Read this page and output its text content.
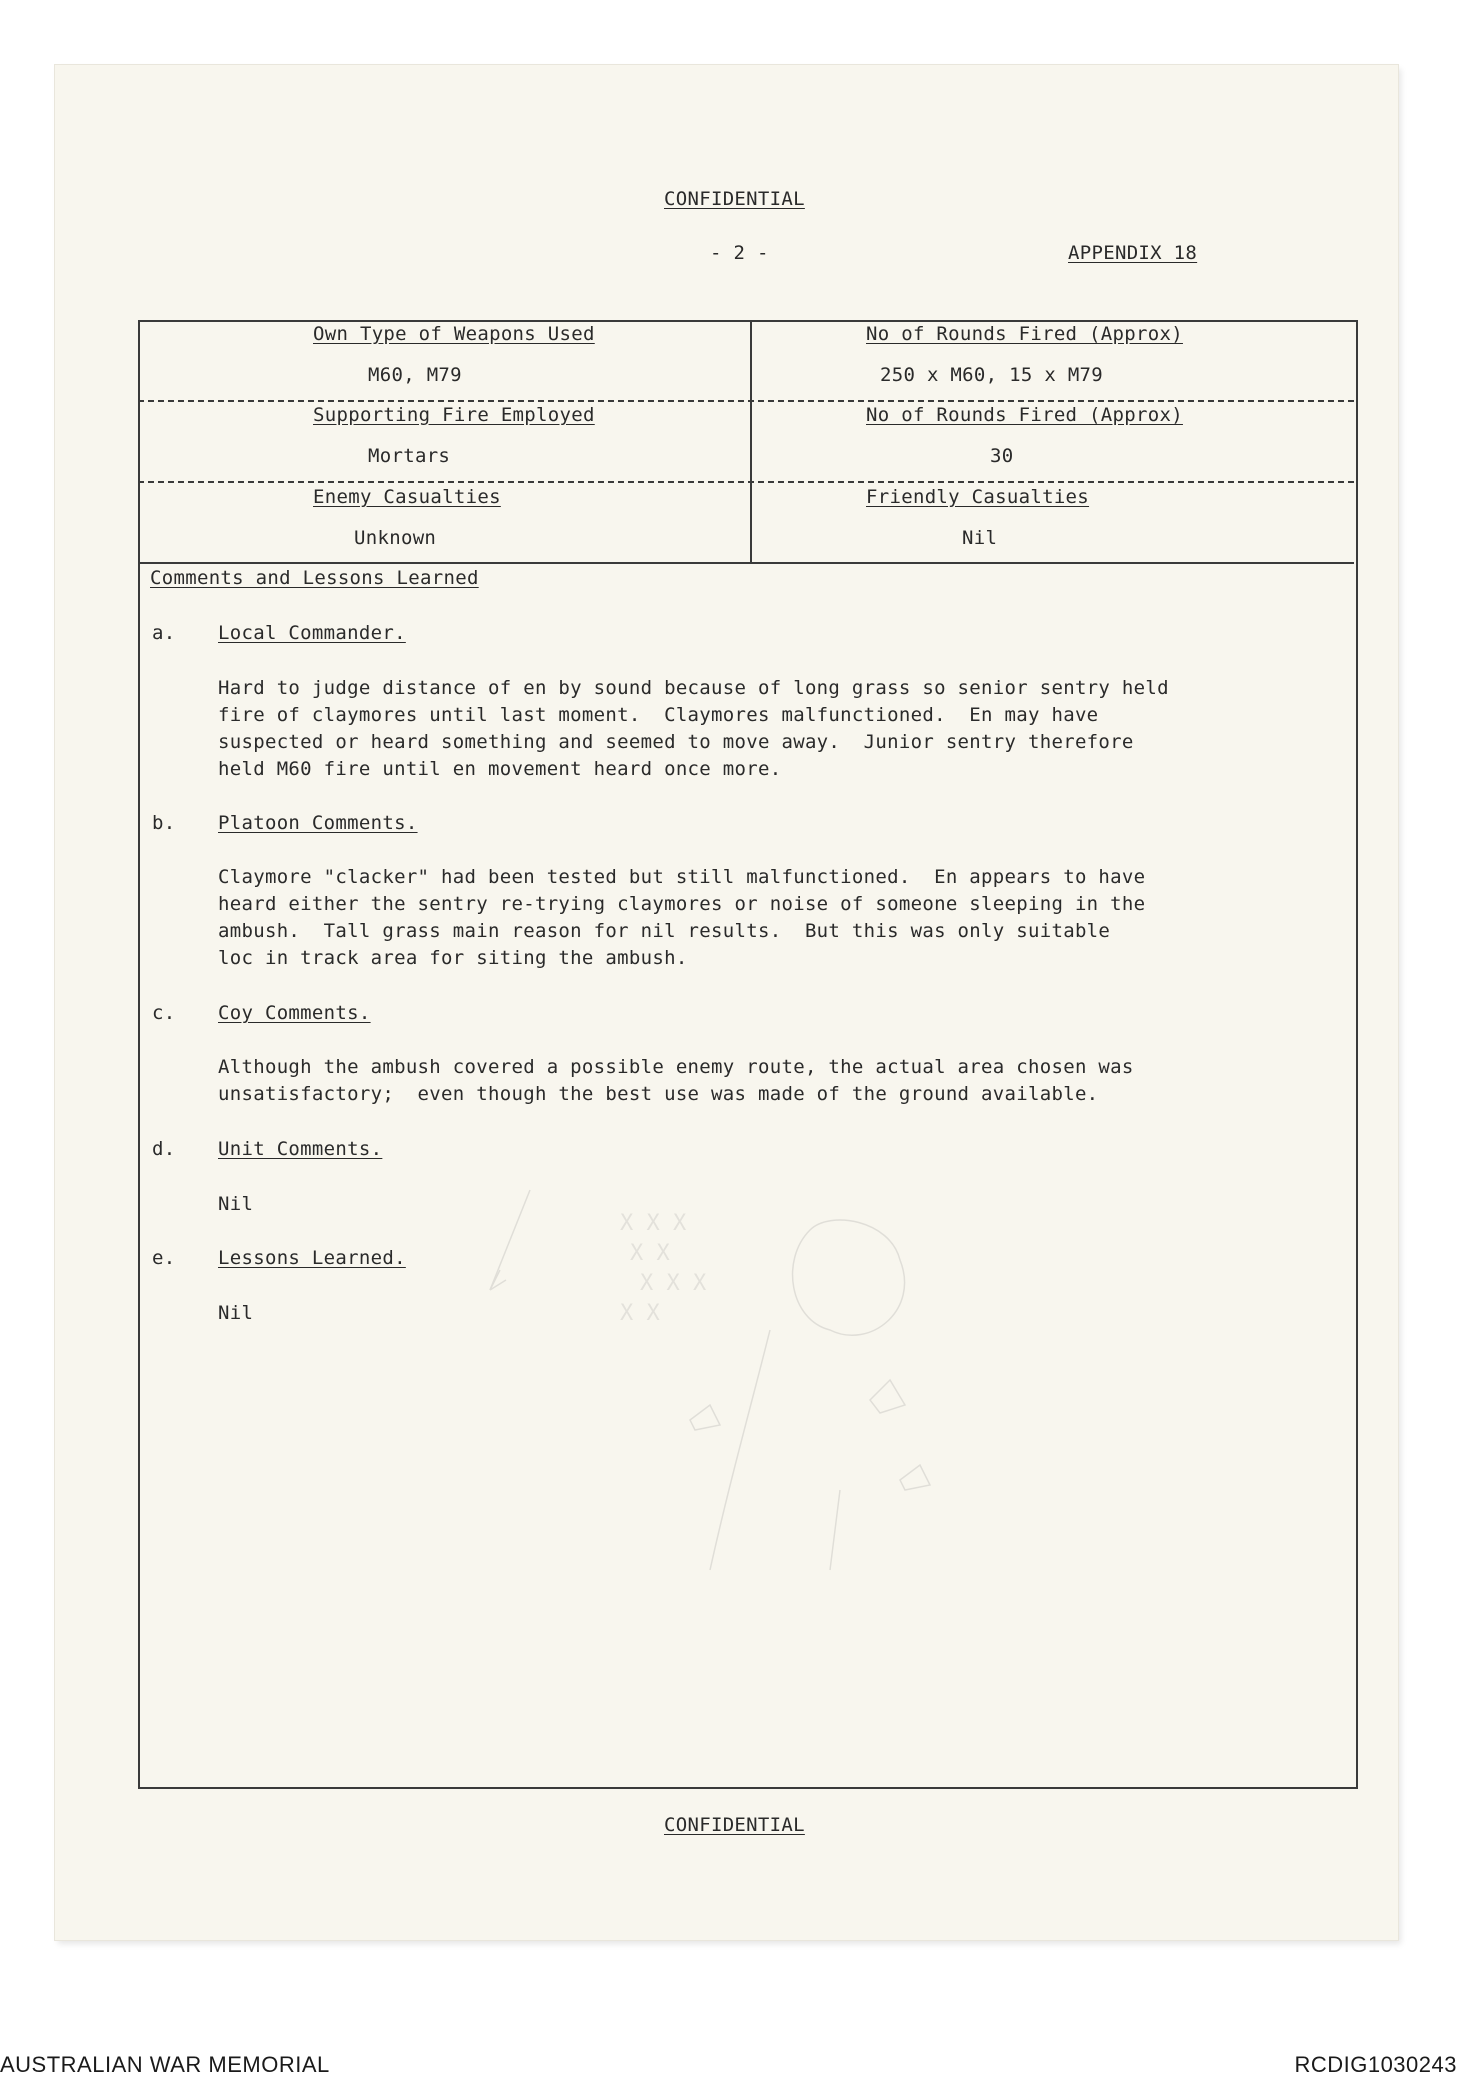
CONFIDENTIAL
- 2 -	APPENDIX 18
Own Type of Weapons Used
M60, M79
No of Rounds Fired (Approx)
250 x M60, 15 x M79
Supporting Fire Employed
Mortars
No of Rounds Fired (Approx)
30
Enemy Casualties
Unknown
Friendly Casualties
Nil
Comments and Lessons Learned
a. Local Commander.
Hard to judge distance of en by sound because of long grass so senior sentry held
fire of claymores until last moment.  Claymores malfunctioned.  En may have
suspected or heard something and seemed to move away.  Junior sentry therefore
held M60 fire until en movement heard once more.
b. Platoon Comments.
Claymore "clacker" had been tested but still malfunctioned.  En appears to have
heard either the sentry re-trying claymores or noise of someone sleeping in the
ambush.  Tall grass main reason for nil results.  But this was only suitable
loc in track area for siting the ambush.
c. Coy Comments.
Although the ambush covered a possible enemy route, the actual area chosen was
unsatisfactory;  even though the best use was made of the ground available.
d. Unit Comments.
Nil
e. Lessons Learned.
Nil
X X X
X X
X X X
X X
CONFIDENTIAL
AUSTRALIAN WAR MEMORIAL	RCDIG1030243
